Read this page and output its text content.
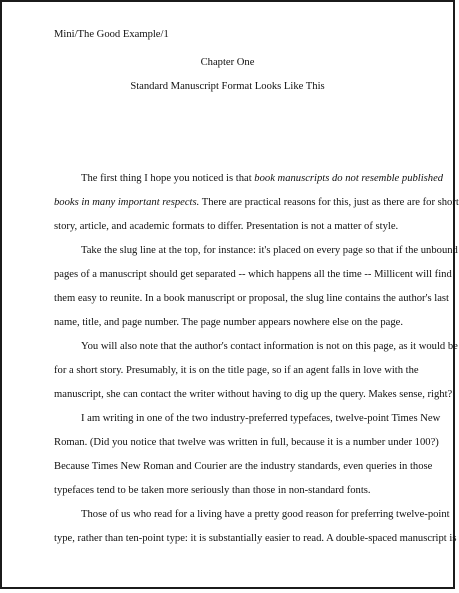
Mini/The Good Example/1
Chapter One
Standard Manuscript Format Looks Like This
The first thing I hope you noticed is that book manuscripts do not resemble published
books in many important respects. There are practical reasons for this, just as there are for short
story, article, and academic formats to differ. Presentation is not a matter of style.
Take the slug line at the top, for instance: it's placed on every page so that if the unbound
pages of a manuscript should get separated -- which happens all the time -- Millicent will find
them easy to reunite. In a book manuscript or proposal, the slug line contains the author's last
name, title, and page number. The page number appears nowhere else on the page.
You will also note that the author's contact information is not on this page, as it would be
for a short story. Presumably, it is on the title page, so if an agent falls in love with the
manuscript, she can contact the writer without having to dig up the query. Makes sense, right?
I am writing in one of the two industry-preferred typefaces, twelve-point Times New
Roman. (Did you notice that twelve was written in full, because it is a number under 100?)
Because Times New Roman and Courier are the industry standards, even queries in those
typefaces tend to be taken more seriously than those in non-standard fonts.
Those of us who read for a living have a pretty good reason for preferring twelve-point
type, rather than ten-point type: it is substantially easier to read. A double-spaced manuscript is
